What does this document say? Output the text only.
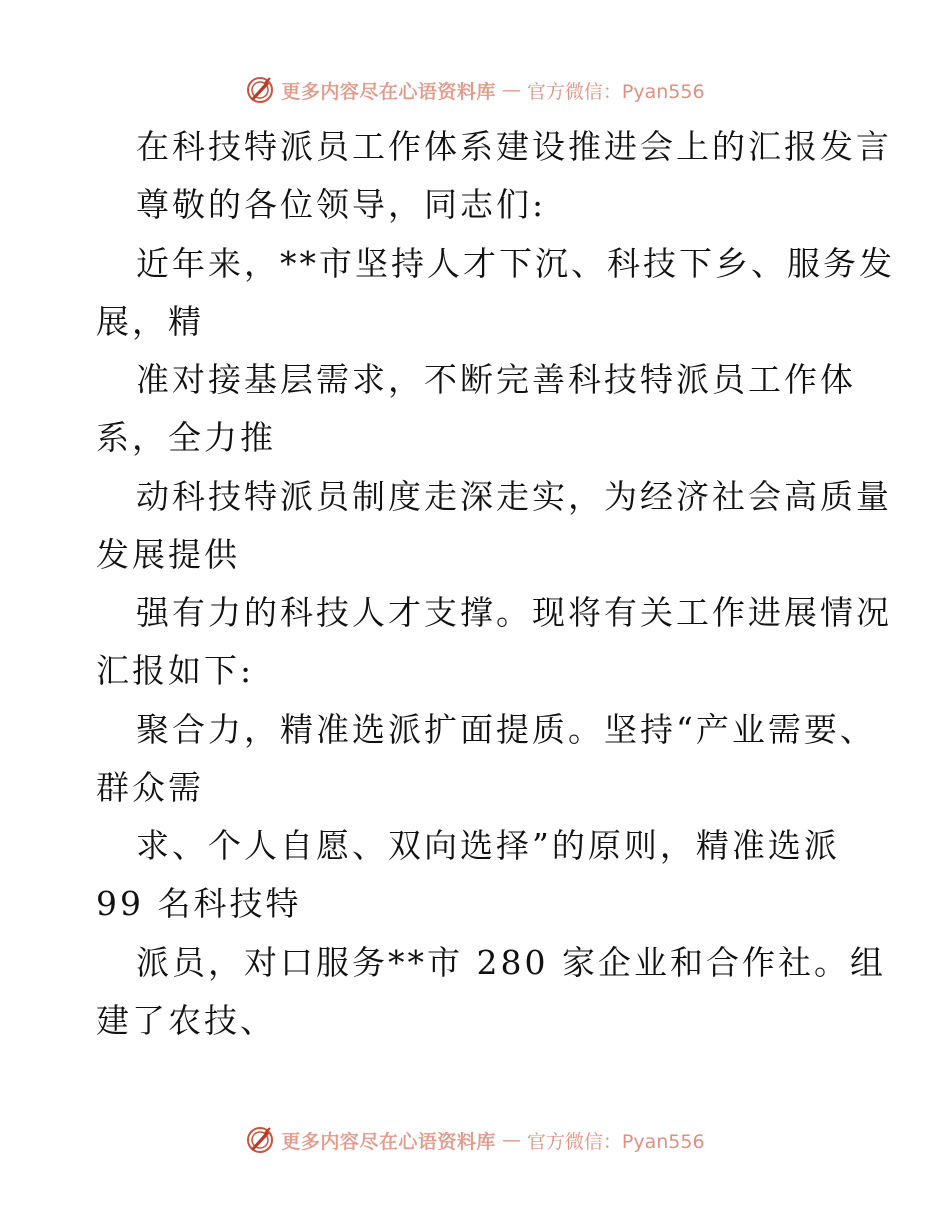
更多内容尽在心语资料库 — 官方微信：Pyan556
在科技特派员工作体系建设推进会上的汇报发言
尊敬的各位领导，同志们:
近年来，**市坚持人才下沉、科技下乡、服务发
展，精
准对接基层需求，不断完善科技特派员工作体
系，全力推
动科技特派员制度走深走实，为经济社会高质量
发展提供
强有力的科技人才支撑。现将有关工作进展情况
汇报如下:
聚合力，精准选派扩面提质。坚持“产业需要、
群众需
求、个人自愿、双向选择”的原则，精准选派
99 名科技特
派员，对口服务**市 280 家企业和合作社。组
建了农技、
更多内容尽在心语资料库 — 官方微信：Pyan556
